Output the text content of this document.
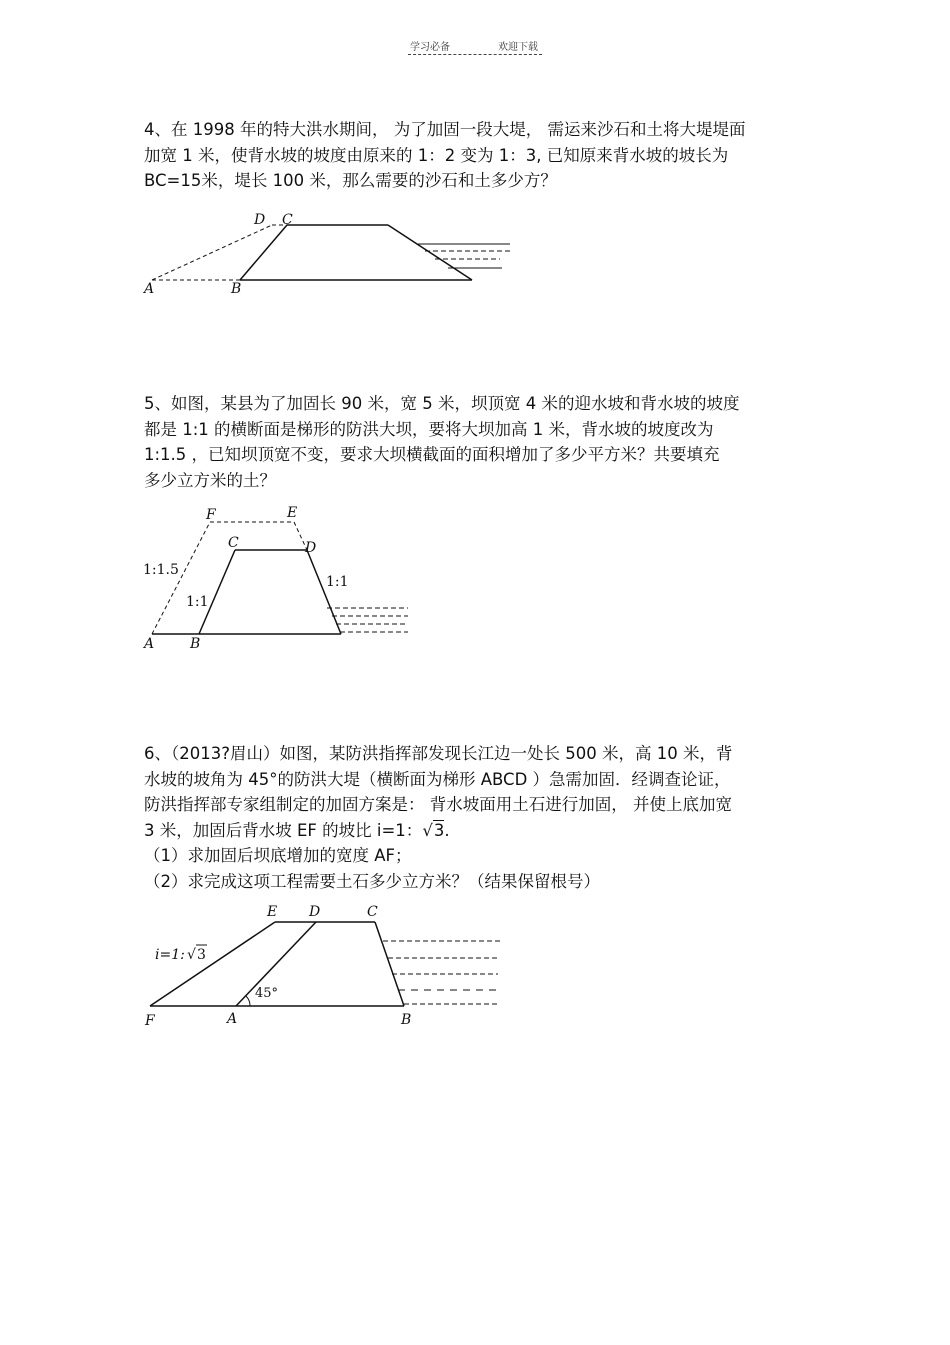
学习必备	欢迎下载

4、在 1998 年的特大洪水期间， 为了加固一段大堤， 需运来沙石和土将大堤堤面

加宽 1 米，使背水坡的坡度由原来的 1：2 变为 1：3, 已知原来背水坡的坡长为

BC=15米，堤长 100 米，那么需要的沙石和土多少方？

D C
A	B

5、如图，某县为了加固长 90 米，宽 5 米，坝顶宽 4 米的迎水坡和背水坡的坡度

都是 1:1 的横断面是梯形的防洪大坝，要将大坝加高 1 米，背水坡的坡度改为

1:1.5 ，已知坝顶宽不变，要求大坝横截面的面积增加了多少平方米？共要填充

多少立方米的土？

F	E
C	D
A	B
1:1.5
1:1
1:1

6、（2013?眉山）如图，某防洪指挥部发现长江边一处长 500 米，高 10 米，背

水坡的坡角为 45°的防洪大堤（横断面为梯形 ABCD ）急需加固．经调查论证，

防洪指挥部专家组制定的加固方案是： 背水坡面用土石进行加固， 并使上底加宽

3 米，加固后背水坡 EF 的坡比 i=1：√3.

（1）求加固后坝底增加的宽度 AF；

（2）求完成这项工程需要土石多少立方米？（结果保留根号）

E D	C
F	A	B
45°
i=1: √ 3
